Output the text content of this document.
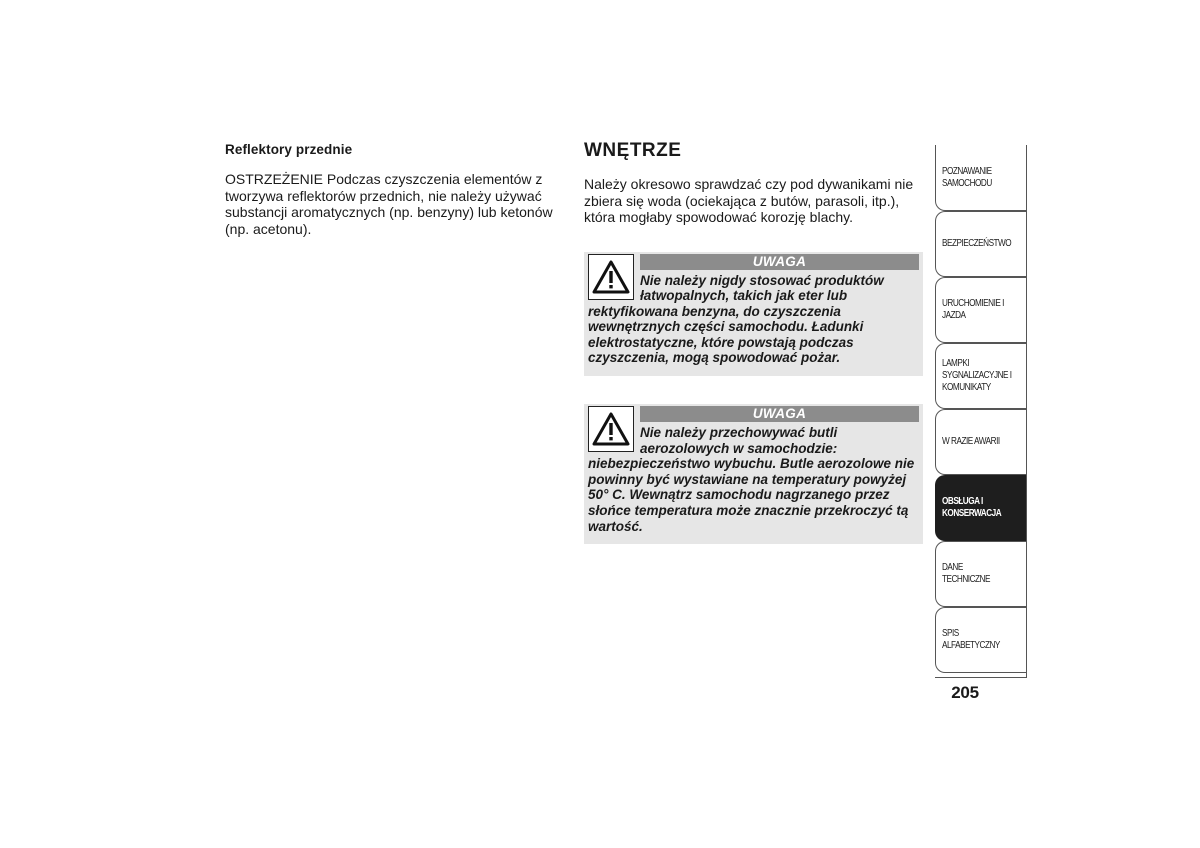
Reflektory przednie

OSTRZEŻENIE Podczas czyszczenia elementów z tworzywa reflektorów przednich, nie należy używać substancji aromatycznych (np. benzyny) lub ketonów (np. acetonu).

WNĘTRZE

Należy okresowo sprawdzać czy pod dywanikami nie zbiera się woda (ociekająca z butów, parasoli, itp.), która mogłaby spowodować korozję blachy.

UWAGA

Nie należy nigdy stosować produktów łatwopalnych, takich jak eter lub rektyfikowana benzyna, do czyszczenia wewnętrznych części samochodu. Ładunki elektrostatyczne, które powstają podczas czyszczenia, mogą spowodować pożar.

UWAGA

Nie należy przechowywać butli aerozolowych w samochodzie: niebezpieczeństwo wybuchu. Butle aerozolowe nie powinny być wystawiane na temperatury powyżej 50° C. Wewnątrz samochodu nagrzanego przez słońce temperatura może znacznie przekroczyć tą wartość.

POZNAWANIE
SAMOCHODU
BEZPIECZEŃSTWO
URUCHOMIENIE I
JAZDA
LAMPKI
SYGNALIZACYJNE I
KOMUNIKATY
W RAZIE AWARII
OBSŁUGA I
KONSERWACJA
DANE TECHNICZNE
SPIS ALFABETYCZNY
205
